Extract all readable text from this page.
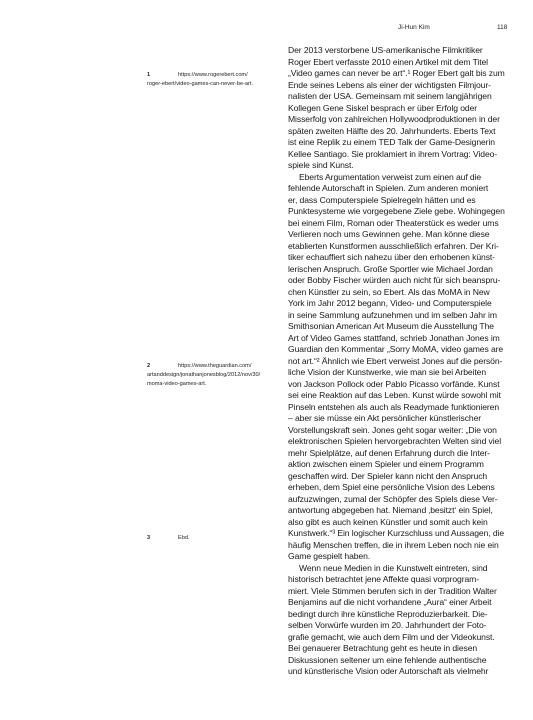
Ji-Hun Kim	118
1	https://www.rogerebert.com/
roger-ebert/video-games-can-never-be-art.
2	https://www.theguardian.com/
artanddesign/jonathanjonesblog/2012/nov/30/
moma-video-games-art.
3	Ebd.

Der 2013 verstorbene US-amerikanische Filmkritiker
Roger Ebert verfasste 2010 einen Artikel mit dem Titel
„Video games can never be art“.¹ Roger Ebert galt bis zum
Ende seines Lebens als einer der wichtigsten Filmjour-
nalisten der USA. Gemeinsam mit seinem langjährigen
Kollegen Gene Siskel besprach er über Erfolg oder
Misserfolg von zahlreichen Hollywoodproduktionen in der
späten zweiten Hälfte des 20. Jahrhunderts. Eberts Text
ist eine Replik zu einem TED Talk der Game-Designerin
Kellee Santiago. Sie proklamiert in ihrem Vortrag: Video-
spiele sind Kunst.

Eberts Argumentation verweist zum einen auf die
fehlende Autorschaft in Spielen. Zum anderen moniert
er, dass Computerspiele Spielregeln hätten und es
Punktesysteme wie vorgegebene Ziele gebe. Wohingegen
bei einem Film, Roman oder Theaterstück es weder ums
Verlieren noch ums Gewinnen gehe. Man könne diese
etablierten Kunstformen ausschließlich erfahren. Der Kri-
tiker echauffiert sich nahezu über den erhobenen künst-
lerischen Anspruch. Große Sportler wie Michael Jordan
oder Bobby Fischer würden auch nicht für sich beanspru-
chen Künstler zu sein, so Ebert. Als das MoMA in New
York im Jahr 2012 begann, Video- und Computerspiele
in seine Sammlung aufzunehmen und im selben Jahr im
Smithsonian American Art Museum die Ausstellung The
Art of Video Games stattfand, schrieb Jonathan Jones im
Guardian den Kommentar „Sorry MoMA, video games are
not art.“² Ähnlich wie Ebert verweist Jones auf die persön-
liche Vision der Kunstwerke, wie man sie bei Arbeiten
von Jackson Pollock oder Pablo Picasso vorfände. Kunst
sei eine Reaktion auf das Leben. Kunst würde sowohl mit
Pinseln entstehen als auch als Readymade funktionieren
– aber sie müsse ein Akt persönlicher künstlerischer
Vorstellungskraft sein. Jones geht sogar weiter: „Die von
elektronischen Spielen hervorgebrachten Welten sind viel
mehr Spielplätze, auf denen Erfahrung durch die Inter-
aktion zwischen einem Spieler und einem Programm
geschaffen wird. Der Spieler kann nicht den Anspruch
erheben, dem Spiel eine persönliche Vision des Lebens
aufzuzwingen, zumal der Schöpfer des Spiels diese Ver-
antwortung abgegeben hat. Niemand ‚besitzt‘ ein Spiel,
also gibt es auch keinen Künstler und somit auch kein
Kunstwerk.“³ Ein logischer Kurzschluss und Aussagen, die
häufig Menschen treffen, die in ihrem Leben noch nie ein
Game gespielt haben.

Wenn neue Medien in die Kunstwelt eintreten, sind
historisch betrachtet jene Affekte quasi vorprogram-
miert. Viele Stimmen berufen sich in der Tradition Walter
Benjamins auf die nicht vorhandene „Aura“ einer Arbeit
bedingt durch ihre künstliche Reproduzierbarkeit. Die-
selben Vorwürfe wurden im 20. Jahrhundert der Foto-
grafie gemacht, wie auch dem Film und der Videokunst.
Bei genauerer Betrachtung geht es heute in diesen
Diskussionen seltener um eine fehlende authentische
und künstlerische Vision oder Autorschaft als vielmehr
